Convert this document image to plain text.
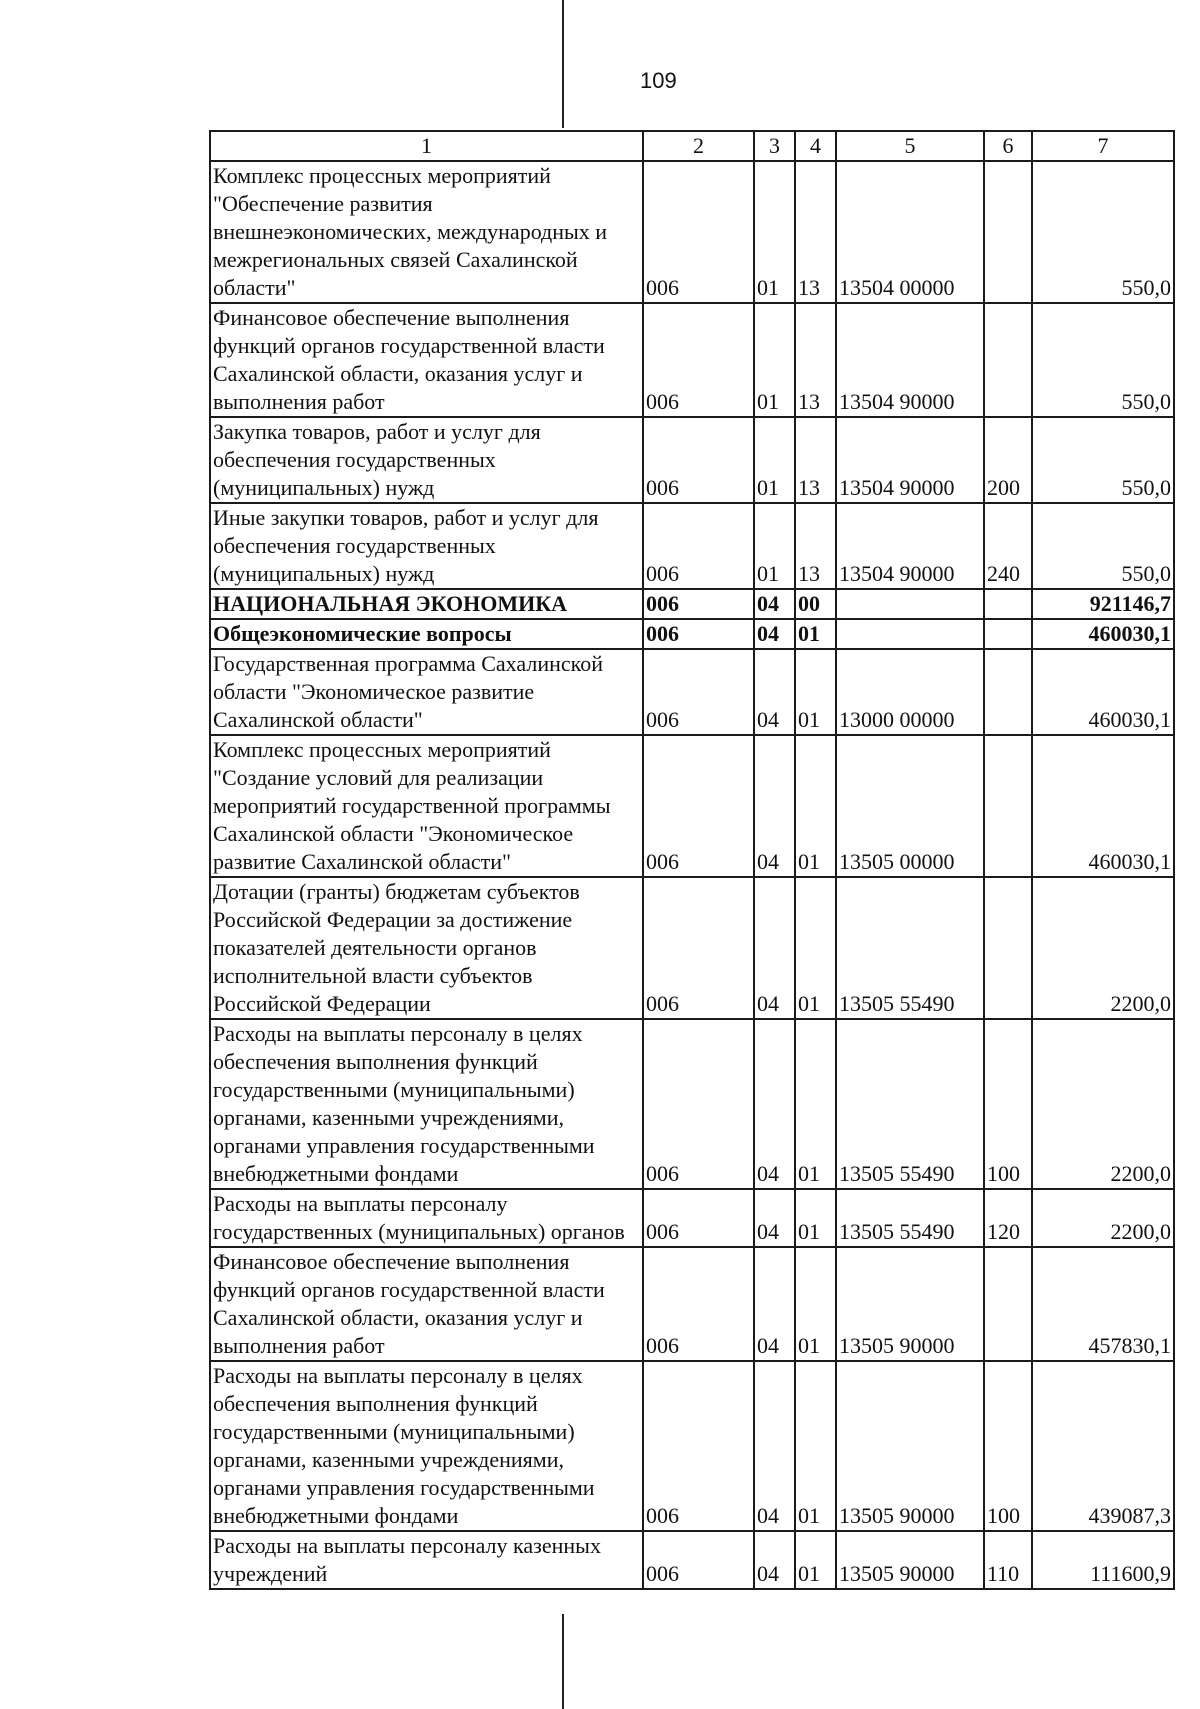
109
1	2	3	4	5	6	7
Комплекс процессных мероприятий "Обеспечение развития внешнеэкономических, международных и межрегиональных связей Сахалинской области"	006	01	13	13504 00000		550,0
Финансовое обеспечение выполнения функций органов государственной власти Сахалинской области, оказания услуг и выполнения работ	006	01	13	13504 90000		550,0
Закупка товаров, работ и услуг для обеспечения государственных (муниципальных) нужд	006	01	13	13504 90000	200	550,0
Иные закупки товаров, работ и услуг для обеспечения государственных (муниципальных) нужд	006	01	13	13504 90000	240	550,0
НАЦИОНАЛЬНАЯ ЭКОНОМИКА	006	04	00			921146,7
Общеэкономические вопросы	006	04	01			460030,1
Государственная программа Сахалинской области "Экономическое развитие Сахалинской области"	006	04	01	13000 00000		460030,1
Комплекс процессных мероприятий "Создание условий для реализации мероприятий государственной программы Сахалинской области "Экономическое развитие Сахалинской области"	006	04	01	13505 00000		460030,1
Дотации (гранты) бюджетам субъектов Российской Федерации за достижение показателей деятельности органов исполнительной власти субъектов Российской Федерации	006	04	01	13505 55490		2200,0
Расходы на выплаты персоналу в целях обеспечения выполнения функций государственными (муниципальными) органами, казенными учреждениями, органами управления государственными внебюджетными фондами	006	04	01	13505 55490	100	2200,0
Расходы на выплаты персоналу государственных (муниципальных) органов	006	04	01	13505 55490	120	2200,0
Финансовое обеспечение выполнения функций органов государственной власти Сахалинской области, оказания услуг и выполнения работ	006	04	01	13505 90000		457830,1
Расходы на выплаты персоналу в целях обеспечения выполнения функций государственными (муниципальными) органами, казенными учреждениями, органами управления государственными внебюджетными фондами	006	04	01	13505 90000	100	439087,3
Расходы на выплаты персоналу казенных учреждений	006	04	01	13505 90000	110	111600,9
